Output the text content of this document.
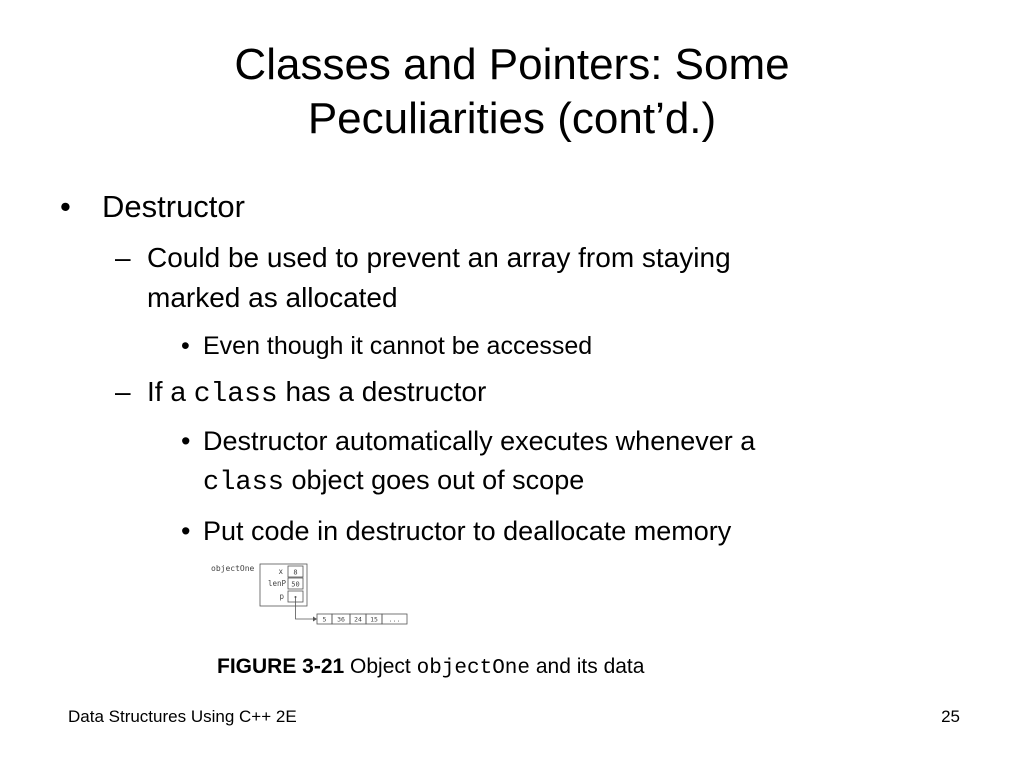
Classes and Pointers: Some
Peculiarities (cont’d.)
• Destructor
– Could be used to prevent an array from staying
marked as allocated
• Even though it cannot be accessed
– If a class has a destructor
• Destructor automatically executes whenever a
class object goes out of scope
• Put code in destructor to deallocate memory
objectOne	x
lenP
p
8
50
5 36 24 15 ...
FIGURE 3-21 Object objectOne and its data
Data Structures Using C++ 2E	25
